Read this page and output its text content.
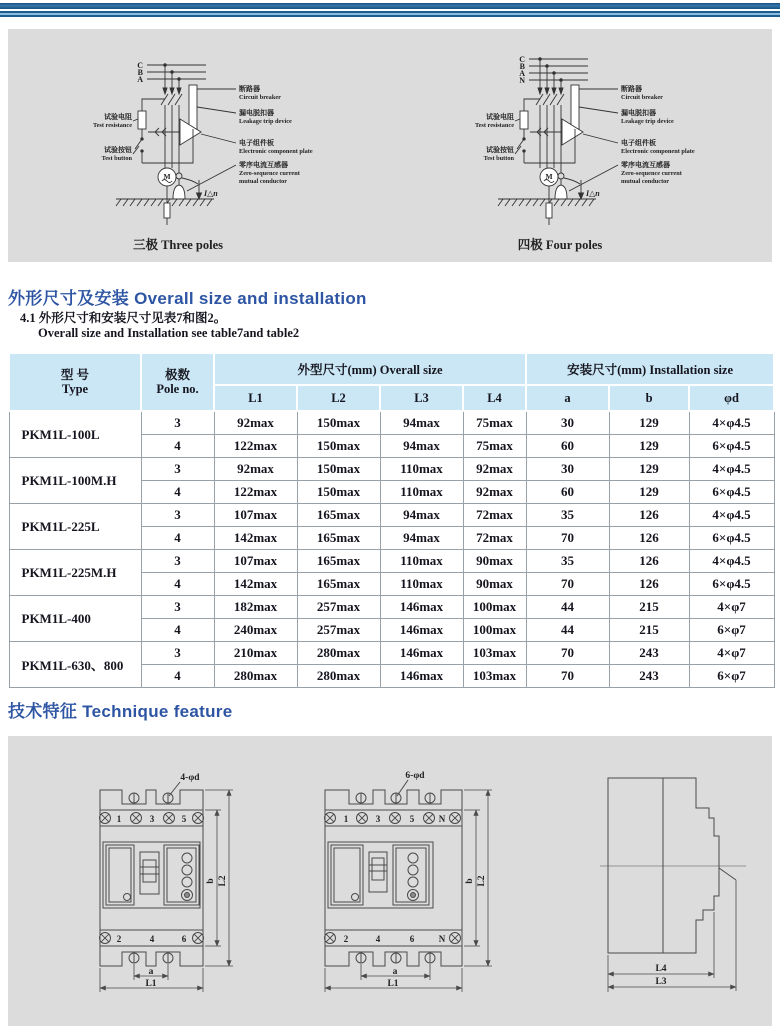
C
B
A
M
I△n
试验电阻
Test resistance
试验按钮
Test button
断路器
Circuit breaker
漏电脱扣器
Leakage trip device
电子组件板
Electronic component plate
零序电流互感器
Zero-sequence current
mutual conductor
三极 Three poles
C
B
A
N
M
I△n
试验电阻
Test resistance
试验按钮
Test button
断路器
Circuit breaker
漏电脱扣器
Leakage trip device
电子组件板
Electronic component plate
零序电流互感器
Zero-sequence current
mutual conductor
四极 Four poles
外形尺寸及安装 Overall size and installation
4.1 外形尺寸和安装尺寸见表7和图2。
Overall size and Installation see table7and table2
型 号
Type

极数
Pole no.
	外型尺寸(mm) Overall size	安装尺寸(mm) Installation size
		L1	L2	L3	L4	a	b	φd
PKM1L-100L	3	92max	150max	94max	75max	30	129	4×φ4.5
	4	122max	150max	94max	75max	60	129	6×φ4.5
PKM1L-100M.H	3	92max	150max	110max	92max	30	129	4×φ4.5
	4	122max	150max	110max	92max	60	129	6×φ4.5
PKM1L-225L	3	107max	165max	94max	72max	35	126	4×φ4.5
	4	142max	165max	94max	72max	70	126	6×φ4.5
PKM1L-225M.H	3	107max	165max	110max	90max	35	126	4×φ4.5
	4	142max	165max	110max	90max	70	126	6×φ4.5
PKM1L-400	3	182max	257max	146max	100max	44	215	4×φ7
	4	240max	257max	146max	100max	44	215	6×φ7
PKM1L-630、800	3	210max	280max	146max	103max	70	243	4×φ7
	4	280max	280max	146max	103max	70	243	6×φ7
技术特征 Technique feature
4-φd
1	3	5
2	4	6
b L2
a
L1
6-φd
1	3	5	N
2	4	6	N
b L2
a
L1
L4
L3
